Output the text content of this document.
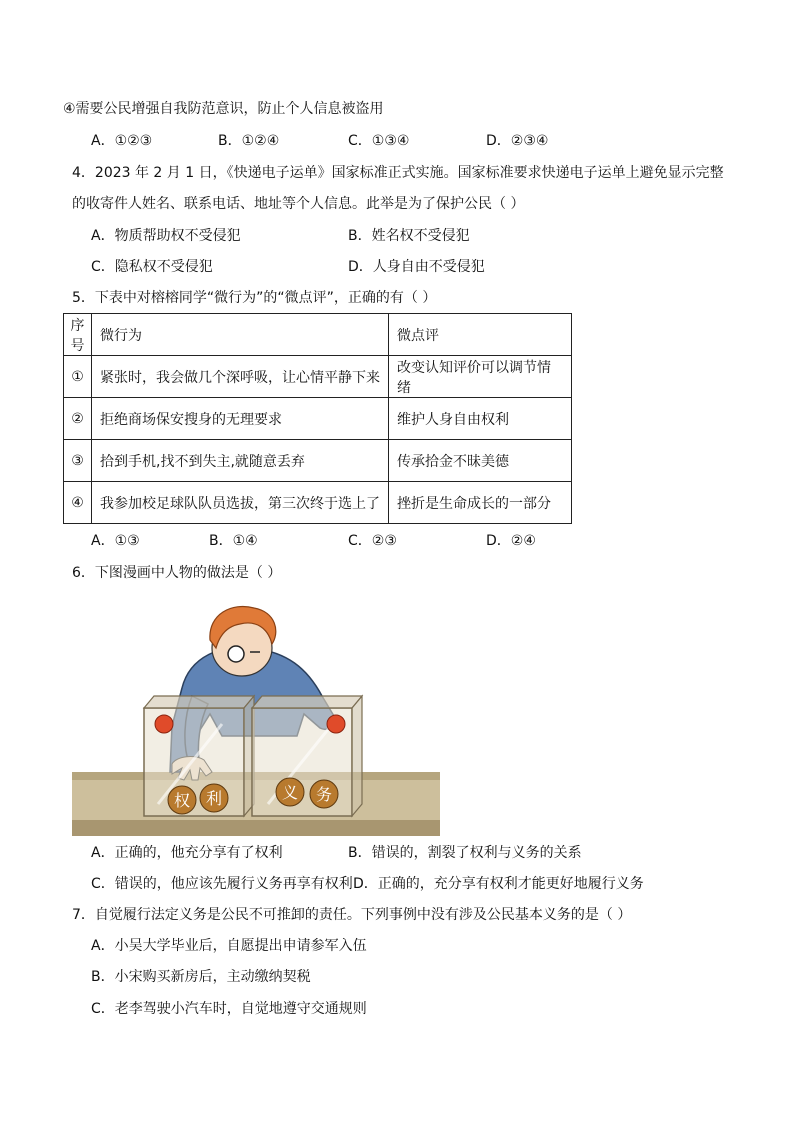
④需要公民增强自我防范意识，防止个人信息被盗用
A．①②③	B．①②④	C．①③④	D．②③④
4．2023 年 2 月 1 日，《快递电子运单》国家标准正式实施。国家标准要求快递电子运单上避免显示完整
的收寄件人姓名、联系电话、地址等个人信息。此举是为了保护公民（ ）
A．物质帮助权不受侵犯	B．姓名权不受侵犯
C．隐私权不受侵犯	D．人身自由不受侵犯
5．下表中对榕榕同学“微行为”的“微点评”，正确的有（ ）
序号	微行为	微点评
①	紧张时，我会做几个深呼吸，让心情平静下来	改变认知评价可以调节情绪
②	拒绝商场保安搜身的无理要求	维护人身自由权利
③	拾到手机,找不到失主,就随意丢弃	传承拾金不昧美德
④	我参加校足球队队员选拔，第三次终于选上了	挫折是生命成长的一部分
A．①③	B．①④	C．②③	D．②④
6．下图漫画中人物的做法是（ ）
权 利	义 务
A．正确的，他充分享有了权利	B．错误的，割裂了权利与义务的关系
C．错误的，他应该先履行义务再享有权利 D．正确的，充分享有权利才能更好地履行义务
7．自觉履行法定义务是公民不可推卸的责任。下列事例中没有涉及公民基本义务的是（ ）
A．小吴大学毕业后，自愿提出申请参军入伍
B．小宋购买新房后，主动缴纳契税
C．老李驾驶小汽车时，自觉地遵守交通规则
